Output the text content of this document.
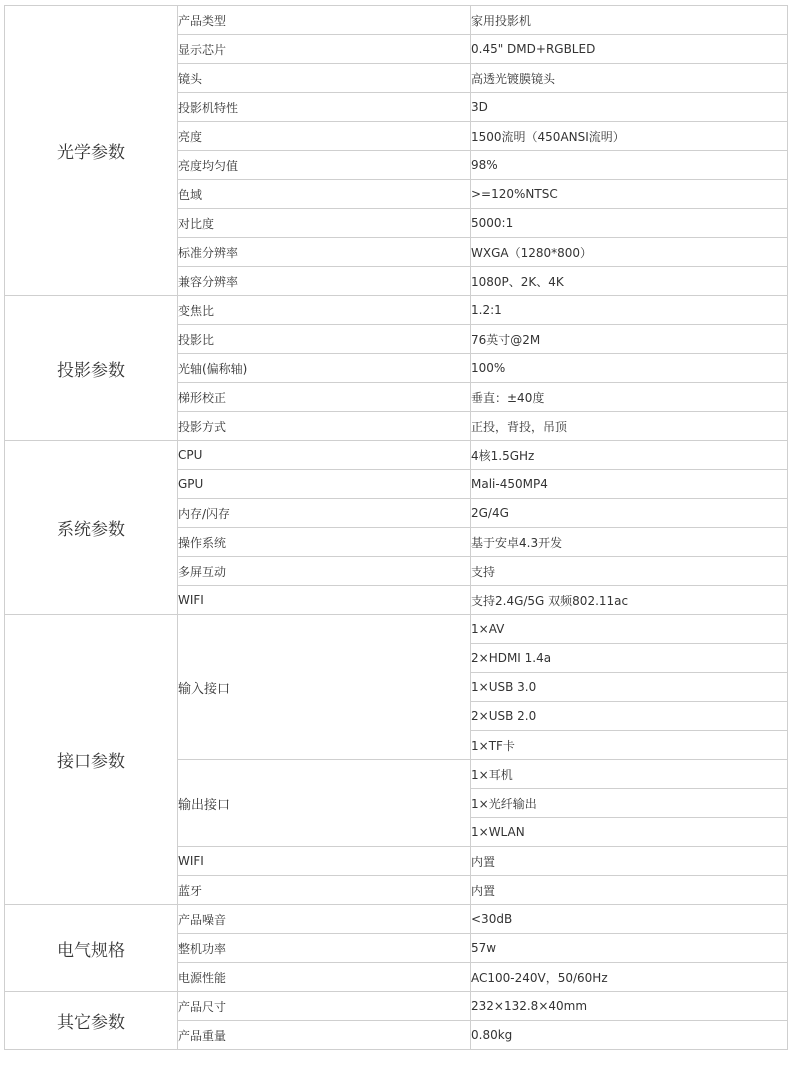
光学参数	产品类型	家用投影机
	显示芯片	0.45" DMD+RGBLED
	镜头	高透光镀膜镜头
	投影机特性	3D
	亮度	1500流明（450ANSI流明）
	亮度均匀值	98%
	色域	>=120%NTSC
	对比度	5000:1
	标准分辨率	WXGA（1280*800）
	兼容分辨率	1080P、2K、4K
投影参数	变焦比	1.2:1
	投影比	76英寸@2M
	光轴(偏称轴)	100%
	梯形校正	垂直：±40度
	投影方式	正投，背投，吊顶
系统参数	CPU	4核1.5GHz
	GPU	Mali-450MP4
	内存/闪存	2G/4G
	操作系统	基于安卓4.3开发
	多屏互动	支持
	WIFI	支持2.4G/5G 双频802.11ac
接口参数	输入接口	1×AV
		2×HDMI 1.4a
		1×USB 3.0
		2×USB 2.0
		1×TF卡
	输出接口	1×耳机
		1×光纤输出
		1×WLAN
	WIFI	内置
	蓝牙	内置
电气规格	产品噪音	<30dB
	整机功率	57w
	电源性能	AC100-240V，50/60Hz
其它参数	产品尺寸	232×132.8×40mm
	产品重量	0.80kg
